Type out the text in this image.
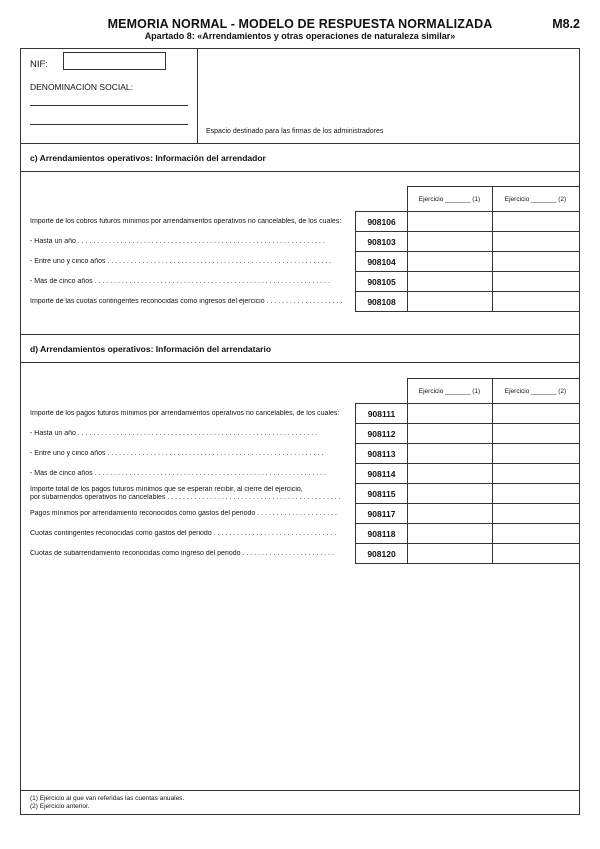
MEMORIA NORMAL - MODELO DE RESPUESTA NORMALIZADA
Apartado 8: «Arrendamientos y otras operaciones de naturaleza similar»
M8.2
NIF:
DENOMINACIÓN SOCIAL:
Espacio destinado para las firmas de los administradores
c) Arrendamientos operativos: Información del arrendador
Ejercicio _______ (1)	Ejercicio _______ (2)
Importe de los cobros futuros mínimos por arrendamientos operativos no cancelables, de los cuales:	908106
- Hasta un año . . . . . . . . . . . . . . . . . . . . . . . . . . . . . . . . . . . . . . . . . . . . . . . . . . . . . . . . . . . . . . . .	908103
- Entre uno y cinco años . . . . . . . . . . . . . . . . . . . . . . . . . . . . . . . . . . . . . . . . . . . . . . . . . . . . . . . . . .	908104
- Más de cinco años . . . . . . . . . . . . . . . . . . . . . . . . . . . . . . . . . . . . . . . . . . . . . . . . . . . . . . . . . . . . .	908105
Importe de las cuotas contingentes reconocidas como ingresos del ejercicio . . . . . . . . . . . . . . . . . . . .	908108
d) Arrendamientos operativos: Información del arrendatario
Ejercicio _______ (1)	Ejercicio _______ (2)
Importe de los pagos futuros mínimos por arrendamientos operativos no cancelables, de los cuales:	908111
- Hasta un año . . . . . . . . . . . . . . . . . . . . . . . . . . . . . . . . . . . . . . . . . . . . . . . . . . . . . . . . . . . . . .	908112
- Entre uno y cinco años . . . . . . . . . . . . . . . . . . . . . . . . . . . . . . . . . . . . . . . . . . . . . . . . . . . . . . . .	908113
- Más de cinco años . . . . . . . . . . . . . . . . . . . . . . . . . . . . . . . . . . . . . . . . . . . . . . . . . . . . . . . . . . . .	908114
Importe total de los pagos futuros mínimos que se esperan recibir, al cierre del ejercicio,
por subarriendos operativos no cancelables . . . . . . . . . . . . . . . . . . . . . . . . . . . . . . . . . . . . . . . . . . . . .	908115
Pagos mínimos por arrendamiento reconocidos como gastos del periodo . . . . . . . . . . . . . . . . . . . . .	908117
Cuotas contingentes reconocidas como gastos del periodo . . . . . . . . . . . . . . . . . . . . . . . . . . . . . . . .	908118
Cuotas de subarrendamiento reconocidas como ingreso del periodo . . . . . . . . . . . . . . . . . . . . . . . .	908120
(1) Ejercicio al que van referidas las cuentas anuales.
(2) Ejercicio anterior.
